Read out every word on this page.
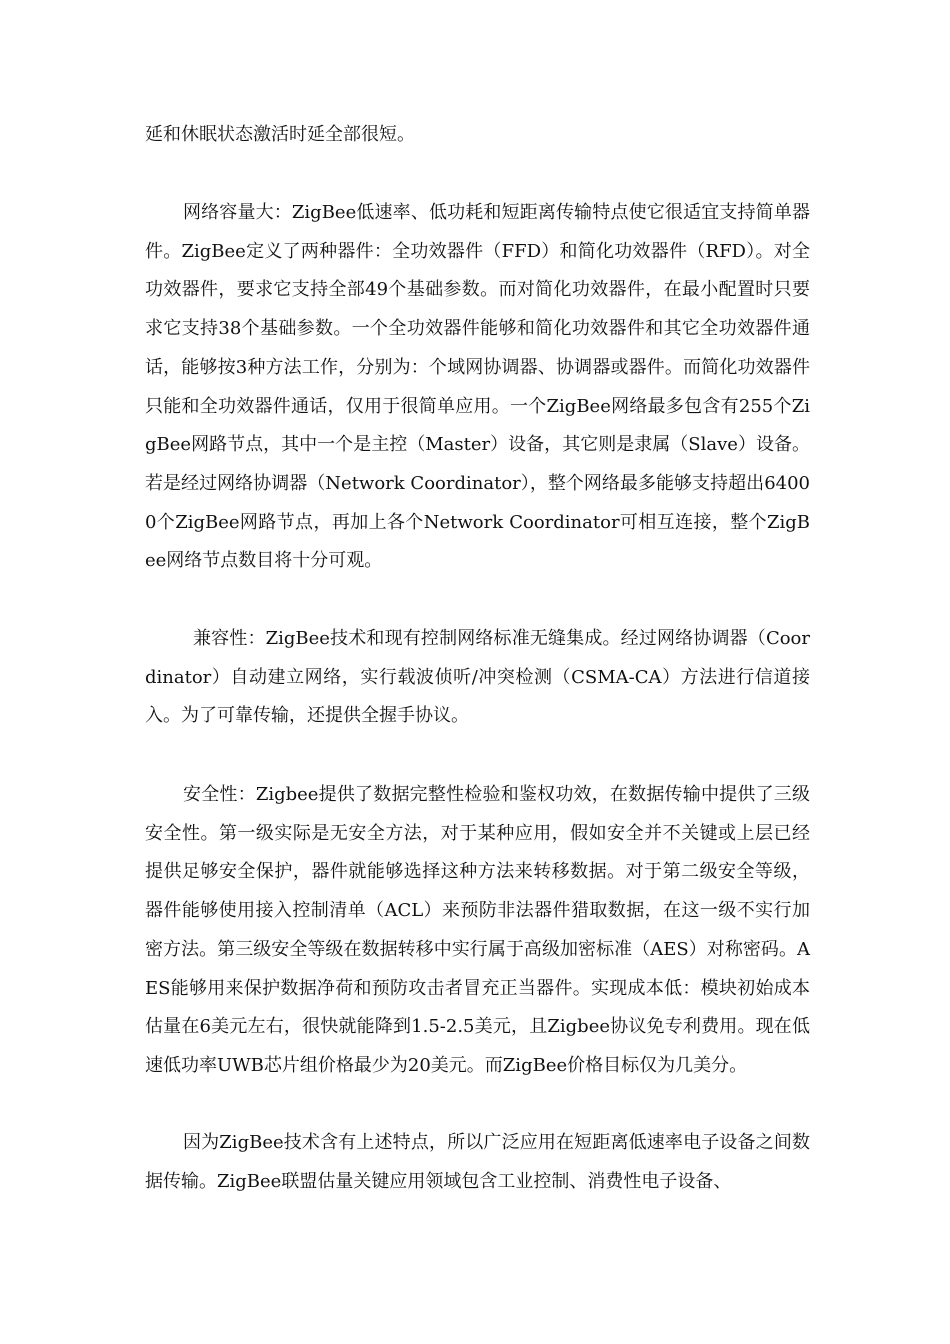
延和休眠状态激活时延全部很短。

网络容量大：ZigBee低速率、低功耗和短距离传输特点使它很适宜支持简单器件。ZigBee定义了两种器件：全功效器件（FFD）和简化功效器件（RFD）。对全功效器件，要求它支持全部49个基础参数。而对简化功效器件，在最小配置时只要求它支持38个基础参数。一个全功效器件能够和简化功效器件和其它全功效器件通话，能够按3种方法工作，分别为：个域网协调器、协调器或器件。而简化功效器件只能和全功效器件通话，仅用于很简单应用。一个ZigBee网络最多包含有255个ZigBee网路节点，其中一个是主控（Master）设备，其它则是隶属（Slave）设备。若是经过网络协调器（Network Coordinator），整个网络最多能够支持超出64000个ZigBee网路节点，再加上各个Network Coordinator可相互连接，整个ZigBee网络节点数目将十分可观。

兼容性：ZigBee技术和现有控制网络标准无缝集成。经过网络协调器（Coordinator）自动建立网络，实行载波侦听/冲突检测（CSMA-CA）方法进行信道接入。为了可靠传输，还提供全握手协议。

安全性：Zigbee提供了数据完整性检验和鉴权功效，在数据传输中提供了三级安全性。第一级实际是无安全方法，对于某种应用，假如安全并不关键或上层已经提供足够安全保护，器件就能够选择这种方法来转移数据。对于第二级安全等级，器件能够使用接入控制清单（ACL）来预防非法器件猎取数据，在这一级不实行加密方法。第三级安全等级在数据转移中实行属于高级加密标准（AES）对称密码。AES能够用来保护数据净荷和预防攻击者冒充正当器件。实现成本低：模块初始成本估量在6美元左右，很快就能降到1.5-2.5美元，且Zigbee协议免专利费用。现在低速低功率UWB芯片组价格最少为20美元。而ZigBee价格目标仅为几美分。

因为ZigBee技术含有上述特点，所以广泛应用在短距离低速率电子设备之间数据传输。ZigBee联盟估量关键应用领域包含工业控制、消费性电子设备、
